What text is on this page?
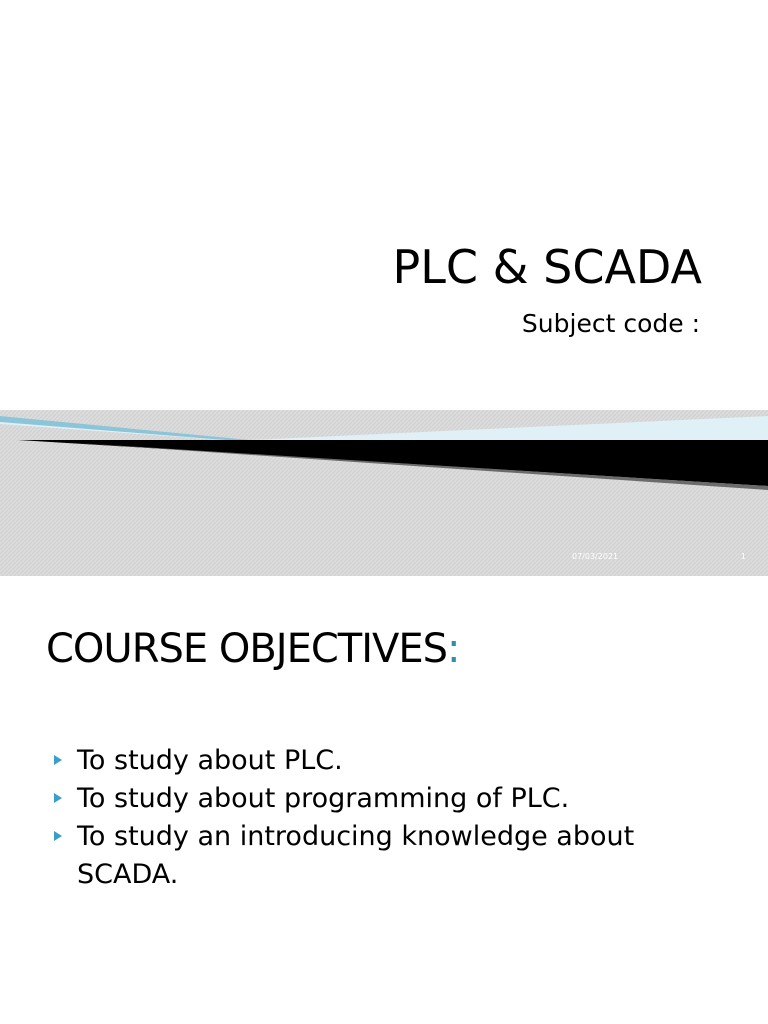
PLC & SCADA

Subject code :

07/03/2021	1
COURSE OBJECTIVES:
To study about PLC.
To study about programming of PLC.
To study an introducing knowledge about SCADA.
